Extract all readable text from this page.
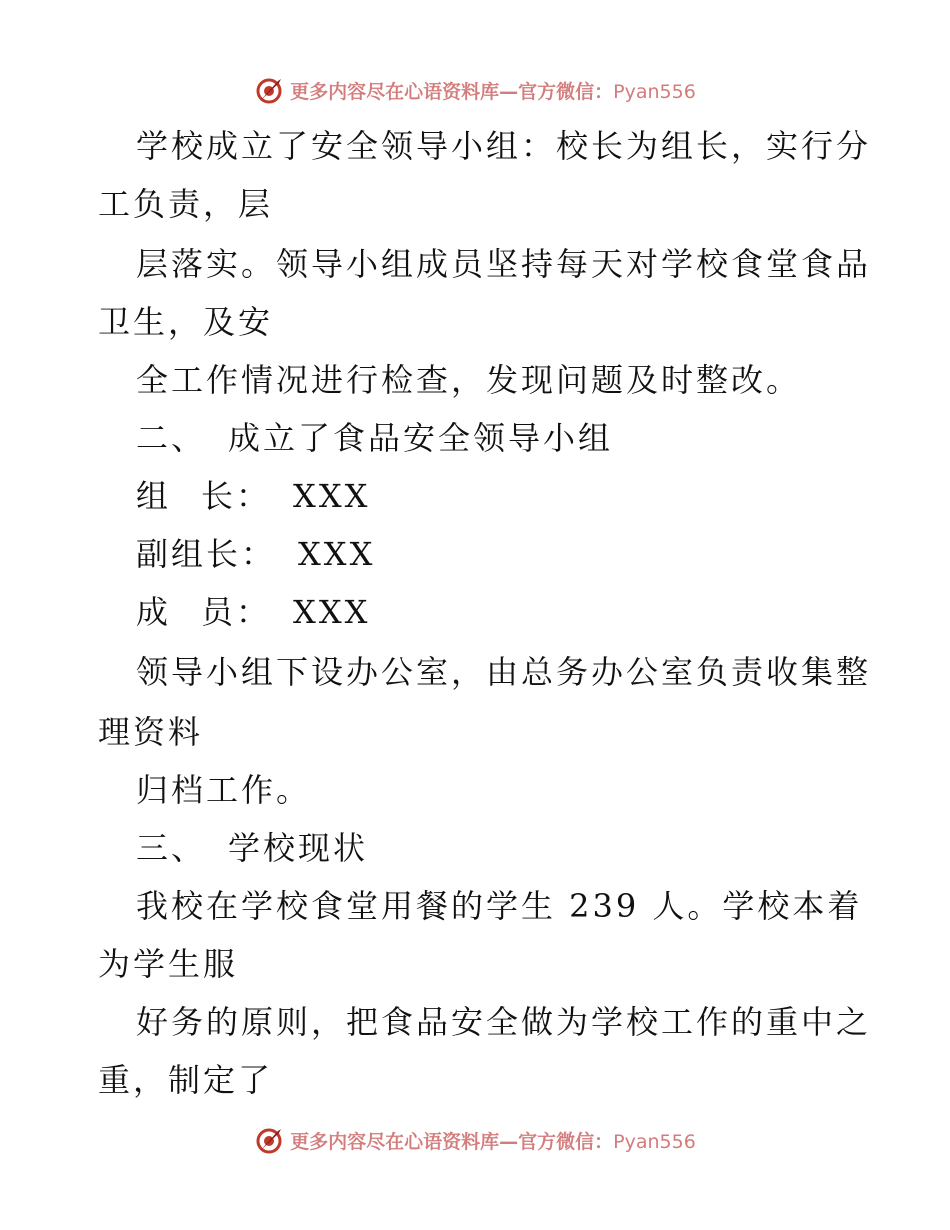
更多内容尽在心语资料库—官方微信：Pyan556
学校成立了安全领导小组：校长为组长，实行分
工负责，层
层落实。领导小组成员坚持每天对学校食堂食品
卫生，及安
全工作情况进行检查，发现问题及时整改。
二、 成立了食品安全领导小组
组 长： XXX
副组长： XXX
成 员： XXX
领导小组下设办公室，由总务办公室负责收集整
理资料
归档工作。
三、 学校现状
我校在学校食堂用餐的学生 239 人。学校本着
为学生服
好务的原则，把食品安全做为学校工作的重中之
重，制定了
更多内容尽在心语资料库—官方微信：Pyan556
